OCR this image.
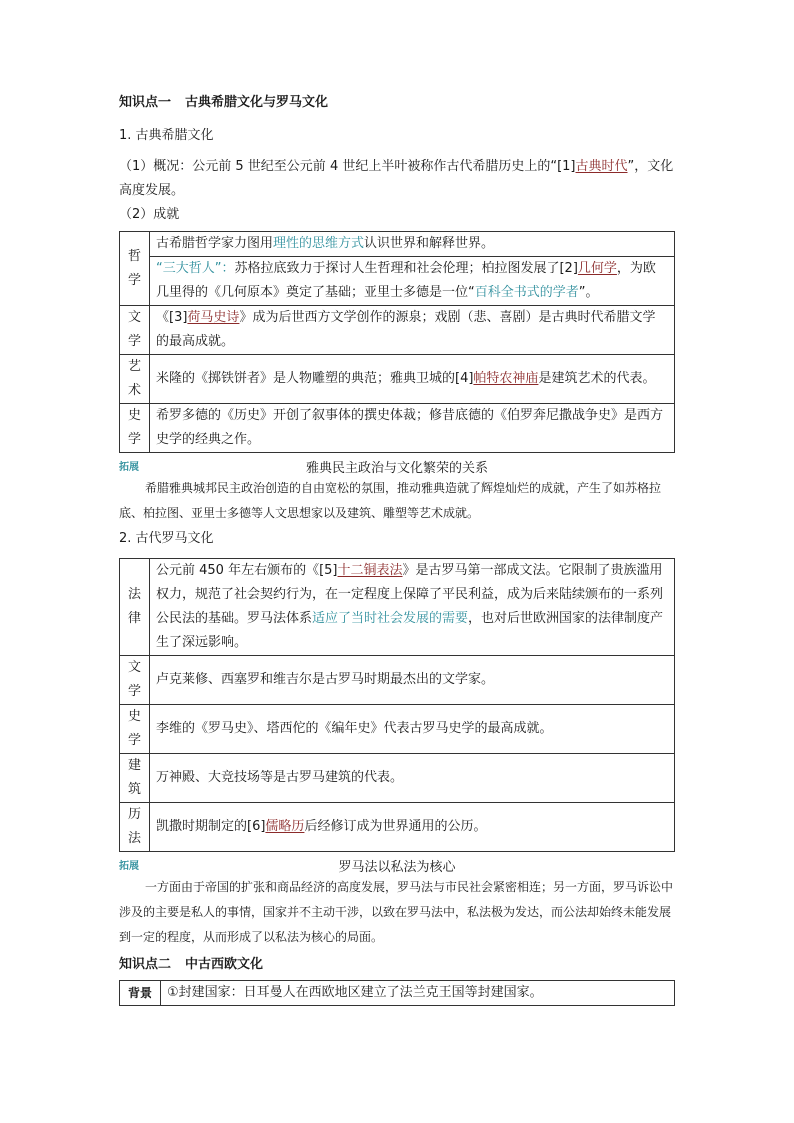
知识点一 古典希腊文化与罗马文化
1. 古典希腊文化

（1）概况：公元前 5 世纪至公元前 4 世纪上半叶被称作古代希腊历史上的“[1]古典时代”，文化高度发展。

（2）成就

哲学	古希腊哲学家力图用理性的思维方式认识世界和解释世界。
	“三大哲人”：苏格拉底致力于探讨人生哲理和社会伦理；柏拉图发展了[2]几何学，为欧几里得的《几何原本》奠定了基础；亚里士多德是一位“百科全书式的学者”。
文学	《[3]荷马史诗》成为后世西方文学创作的源泉；戏剧（悲、喜剧）是古典时代希腊文学的最高成就。
艺术	米隆的《掷铁饼者》是人物雕塑的典范；雅典卫城的[4]帕特农神庙是建筑艺术的代表。
史学	希罗多德的《历史》开创了叙事体的撰史体裁；修昔底德的《伯罗奔尼撒战争史》是西方史学的经典之作。
拓展	雅典民主政治与文化繁荣的关系

希腊雅典城邦民主政治创造的自由宽松的氛围，推动雅典造就了辉煌灿烂的成就，产生了如苏格拉底、柏拉图、亚里士多德等人文思想家以及建筑、雕塑等艺术成就。

2. 古代罗马文化
法律	公元前 450 年左右颁布的《[5]十二铜表法》是古罗马第一部成文法。它限制了贵族滥用权力，规范了社会契约行为，在一定程度上保障了平民利益，成为后来陆续颁布的一系列公民法的基础。罗马法体系适应了当时社会发展的需要，也对后世欧洲国家的法律制度产生了深远影响。
文学	卢克莱修、西塞罗和维吉尔是古罗马时期最杰出的文学家。
史学	李维的《罗马史》、塔西佗的《编年史》代表古罗马史学的最高成就。
建筑	万神殿、大竞技场等是古罗马建筑的代表。
历法	凯撒时期制定的[6]儒略历后经修订成为世界通用的公历。
拓展	罗马法以私法为核心

一方面由于帝国的扩张和商品经济的高度发展，罗马法与市民社会紧密相连；另一方面，罗马诉讼中涉及的主要是私人的事情，国家并不主动干涉，以致在罗马法中，私法极为发达，而公法却始终未能发展到一定的程度，从而形成了以私法为核心的局面。

知识点二 中古西欧文化
背景	①封建国家：日耳曼人在西欧地区建立了法兰克王国等封建国家。
